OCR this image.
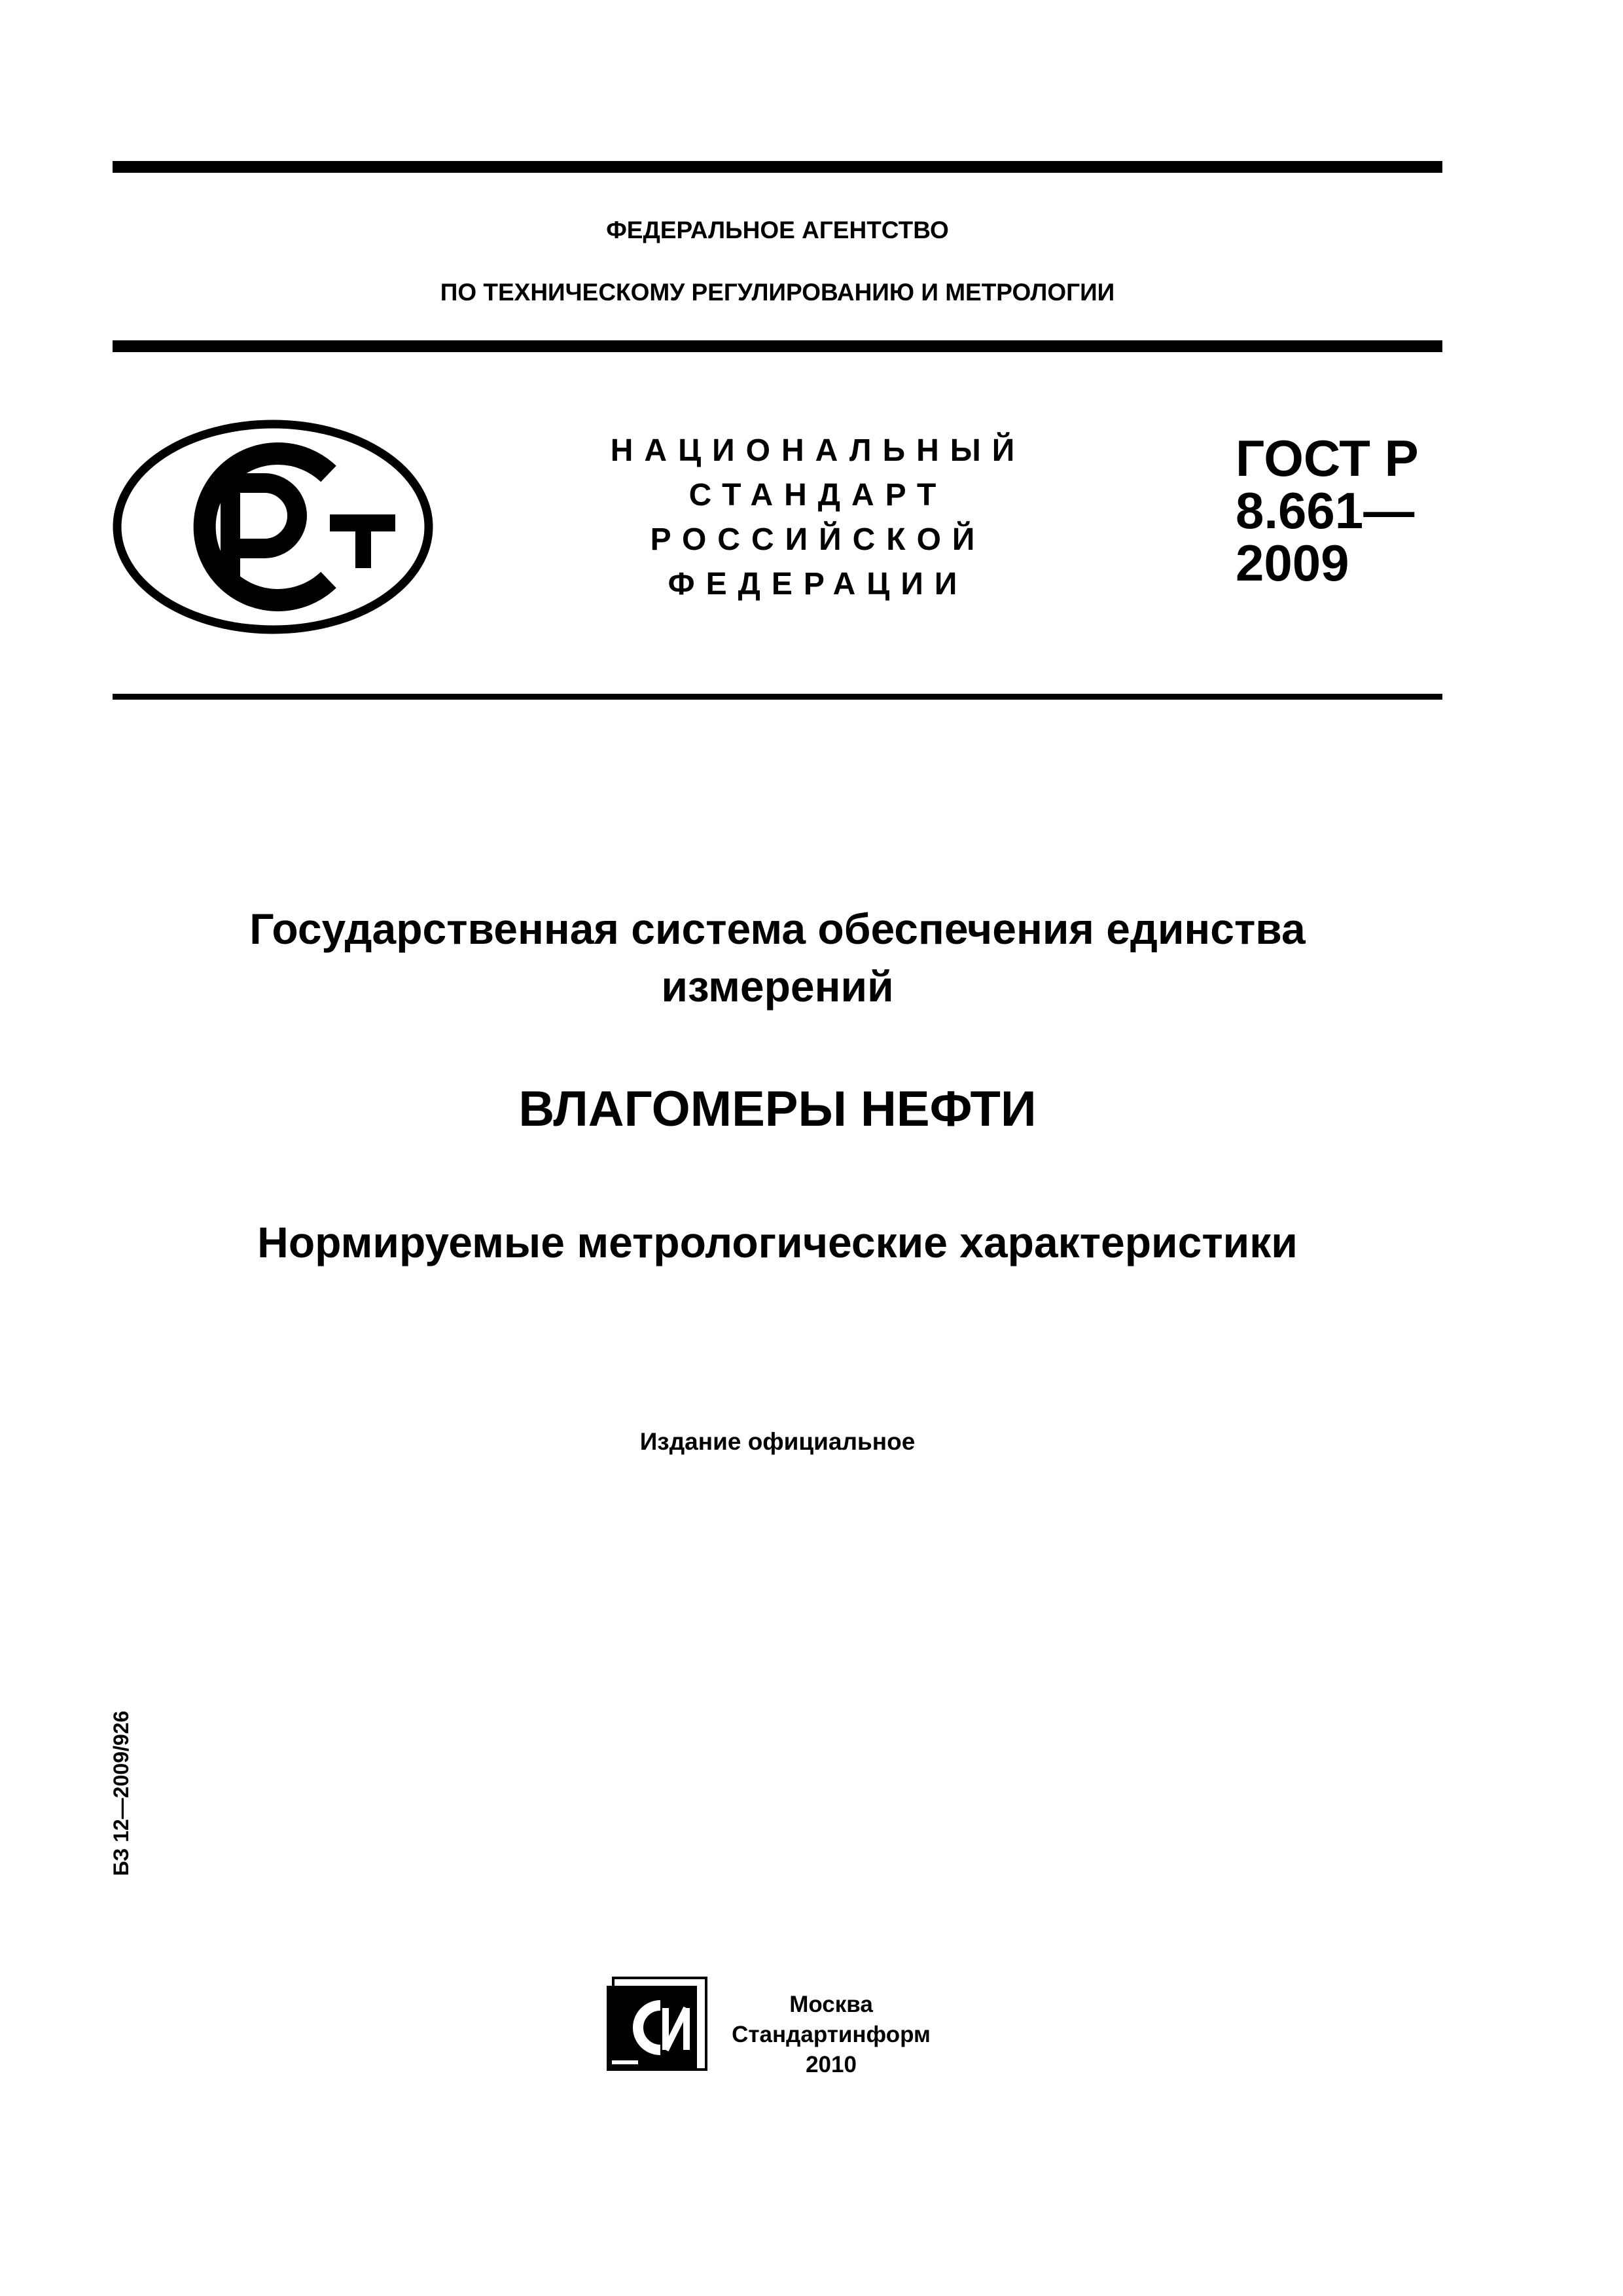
ФЕДЕРАЛЬНОЕ АГЕНТСТВО
ПО ТЕХНИЧЕСКОМУ РЕГУЛИРОВАНИЮ И МЕТРОЛОГИИ
НАЦИОНАЛЬНЫЙ
СТАНДАРТ
РОССИЙСКОЙ
ФЕДЕРАЦИИ
ГОСТ Р
8.661—
2009
Государственная система обеспечения единства
измерений
ВЛАГОМЕРЫ НЕФТИ
Нормируемые метрологические характеристики
Издание официальное
БЗ 12—2009/926
Москва
Стандартинформ
2010
